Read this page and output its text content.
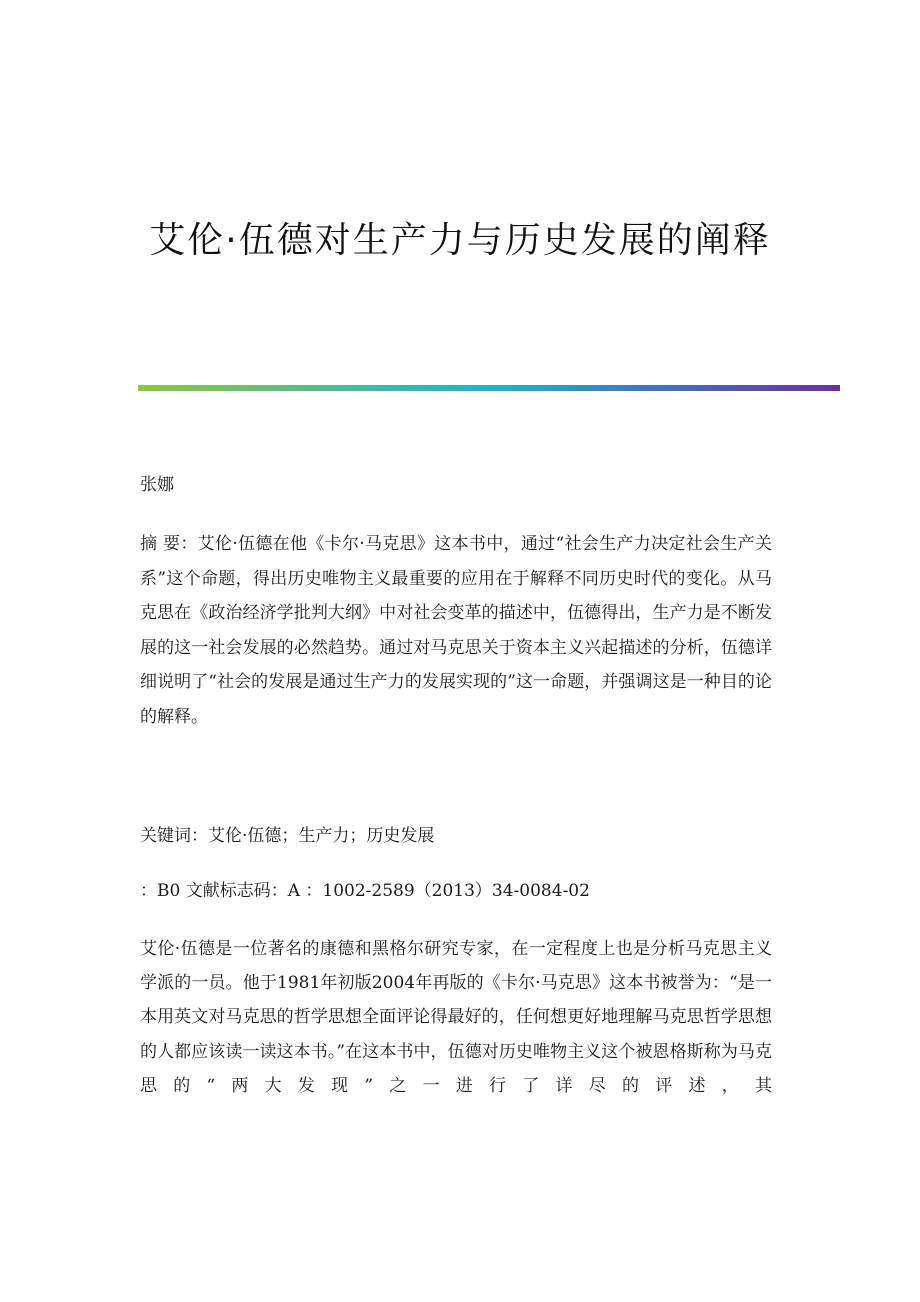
艾伦·伍德对生产力与历史发展的阐释

张娜

摘 要：艾伦·伍德在他《卡尔·马克思》这本书中，通过“社会生产力决定社会生产关系”这个命题，得出历史唯物主义最重要的应用在于解释不同历史时代的变化。从马克思在《政治经济学批判大纲》中对社会变革的描述中，伍德得出，生产力是不断发展的这一社会发展的必然趋势。通过对马克思关于资本主义兴起描述的分析，伍德详细说明了“社会的发展是通过生产力的发展实现的”这一命题，并强调这是一种目的论的解释。

关键词：艾伦·伍德；生产力；历史发展

：B0 文献标志码：A ：1002-2589（2013）34-0084-02

艾伦·伍德是一位著名的康德和黑格尔研究专家，在一定程度上也是分析马克思主义学派的一员。他于1981年初版2004年再版的《卡尔·马克思》这本书被誉为：“是一本用英文对马克思的哲学思想全面评论得最好的，任何想更好地理解马克思哲学思想的人都应该读一读这本书。”在这本书中，伍德对历史唯物主义这个被恩格斯称为马克思的“两大发现”之一进行了详尽的评述，其
